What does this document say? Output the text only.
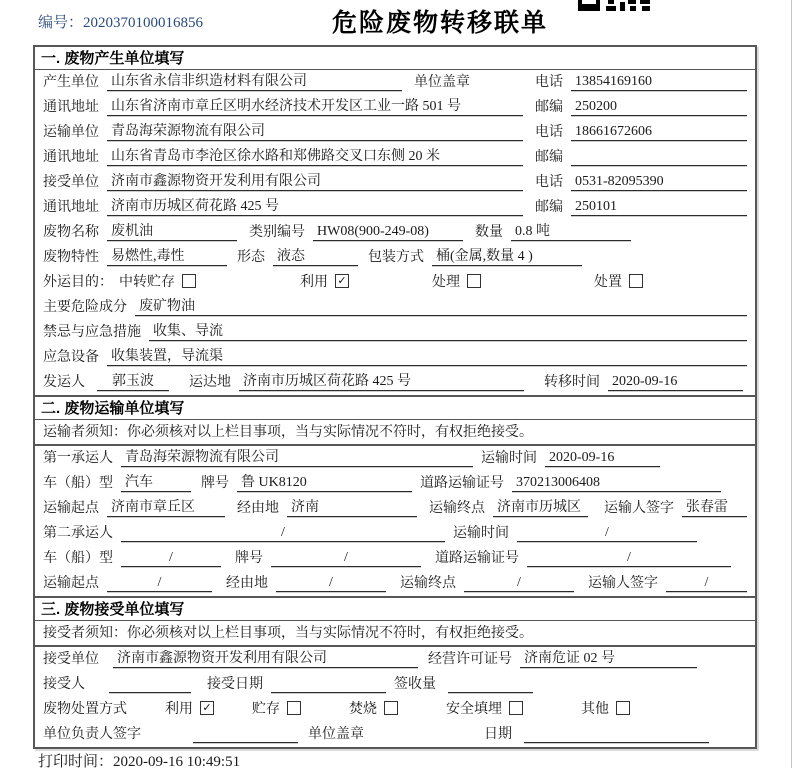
编号：2020370100016856	危险废物转移联单
一. 废物产生单位填写
产生单位 山东省永信非织造材料有限公司	单位盖章	电话 13854169160
通讯地址 山东省济南市章丘区明水经济技术开发区工业一路 501 号	邮编 250200
运输单位 青岛海荣源物流有限公司	电话 18661672606
通讯地址 山东省青岛市李沧区徐水路和郑佛路交叉口东侧 20 米	邮编
接受单位 济南市鑫源物资开发利用有限公司	电话 0531-82095390
通讯地址 济南市历城区荷花路 425 号	邮编 250101
废物名称 废机油	类别编号 HW08(900-249-08)	数量 0.8 吨
废物特性 易燃性,毒性	形态 液态	包装方式 桶(金属,数量 4 )
外运目的： 中转贮存	利用 ✓	处理	处置
主要危险成分 废矿物油
禁忌与应急措施 收集、导流
应急设备 收集装置，导流渠
发运人	郭玉波	运达地 济南市历城区荷花路 425 号	转移时间 2020-09-16
二. 废物运输单位填写
运输者须知：你必须核对以上栏目事项，当与实际情况不符时，有权拒绝接受。
第一承运人 青岛海荣源物流有限公司	运输时间 2020-09-16
车（船）型 汽车	牌号 鲁 UK8120	道路运输证号 370213006408
运输起点 济南市章丘区	经由地 济南	运输终点 济南市历城区	运输人签字 张春雷
第二承运人	/	运输时间	/
车（船）型	/	牌号	/	道路运输证号	/
运输起点	/	经由地	/	运输终点	/	运输人签字	/
三. 废物接受单位填写
接受者须知：你必须核对以上栏目事项，当与实际情况不符时，有权拒绝接受。
接受单位 济南市鑫源物资开发利用有限公司	经营许可证号 济南危证 02 号
接受人	接受日期	签收量
废物处置方式	利用 ✓	贮存	焚烧	安全填埋	其他
单位负责人签字	单位盖章	日期
打印时间：2020-09-16 10:49:51
